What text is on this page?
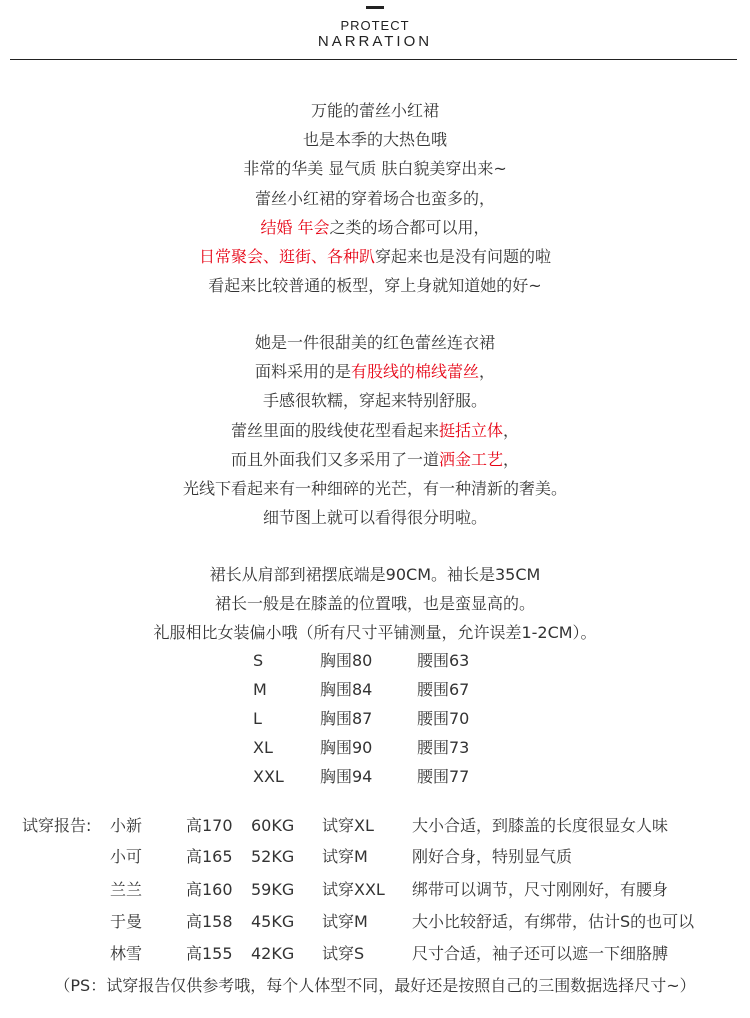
PROTECT
NARRATION
万能的蕾丝小红裙
也是本季的大热色哦
非常的华美 显气质 肤白貌美穿出来~
蕾丝小红裙的穿着场合也蛮多的，
结婚 年会之类的场合都可以用，
日常聚会、逛街、各种趴穿起来也是没有问题的啦
看起来比较普通的板型，穿上身就知道她的好~
她是一件很甜美的红色蕾丝连衣裙
面料采用的是有股线的棉线蕾丝，
手感很软糯，穿起来特别舒服。
蕾丝里面的股线使花型看起来挺括立体，
而且外面我们又多采用了一道洒金工艺，
光线下看起来有一种细碎的光芒，有一种清新的奢美。
细节图上就可以看得很分明啦。
裙长从肩部到裙摆底端是90CM。袖长是35CM
裙长一般是在膝盖的位置哦，也是蛮显高的。
礼服相比女装偏小哦（所有尺寸平铺测量，允许误差1-2CM）。
S	胸围80	腰围63
M	胸围84	腰围67
L	胸围87	腰围70
XL	胸围90	腰围73
XXL 胸围94	腰围77
试穿报告: 小新	高170 60KG 试穿XL 大小合适，到膝盖的长度很显女人味
小可	高165 52KG 试穿M	刚好合身，特别显气质
兰兰	高160 59KG 试穿XXL 绑带可以调节，尺寸刚刚好，有腰身
于曼	高158 45KG 试穿M	大小比较舒适，有绑带，估计S的也可以
林雪	高155 42KG 试穿S	尺寸合适，袖子还可以遮一下细胳膊
（PS：试穿报告仅供参考哦，每个人体型不同，最好还是按照自己的三围数据选择尺寸~）
